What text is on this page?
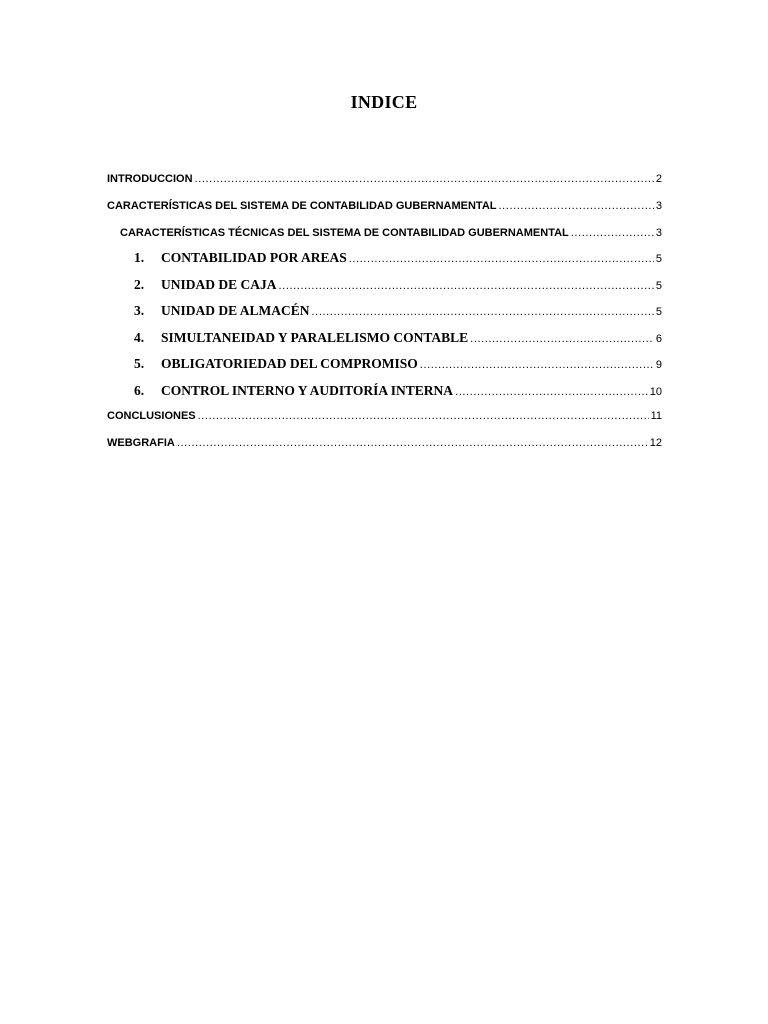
INDICE
INTRODUCCION .....	2
CARACTERÍSTICAS DEL SISTEMA DE CONTABILIDAD GUBERNAMENTAL .....	3
CARACTERÍSTICAS TÉCNICAS DEL SISTEMA DE CONTABILIDAD GUBERNAMENTAL .....	3
1.	CONTABILIDAD POR AREAS .....	5
2.	UNIDAD DE CAJA .....	5
3.	UNIDAD DE ALMACÉN .....	5
4.	SIMULTANEIDAD Y PARALELISMO CONTABLE .....	6
5.	OBLIGATORIEDAD DEL COMPROMISO .....	9
6.	CONTROL INTERNO Y AUDITORÍA INTERNA .....	10
CONCLUSIONES .....	11
WEBGRAFIA .....	12
